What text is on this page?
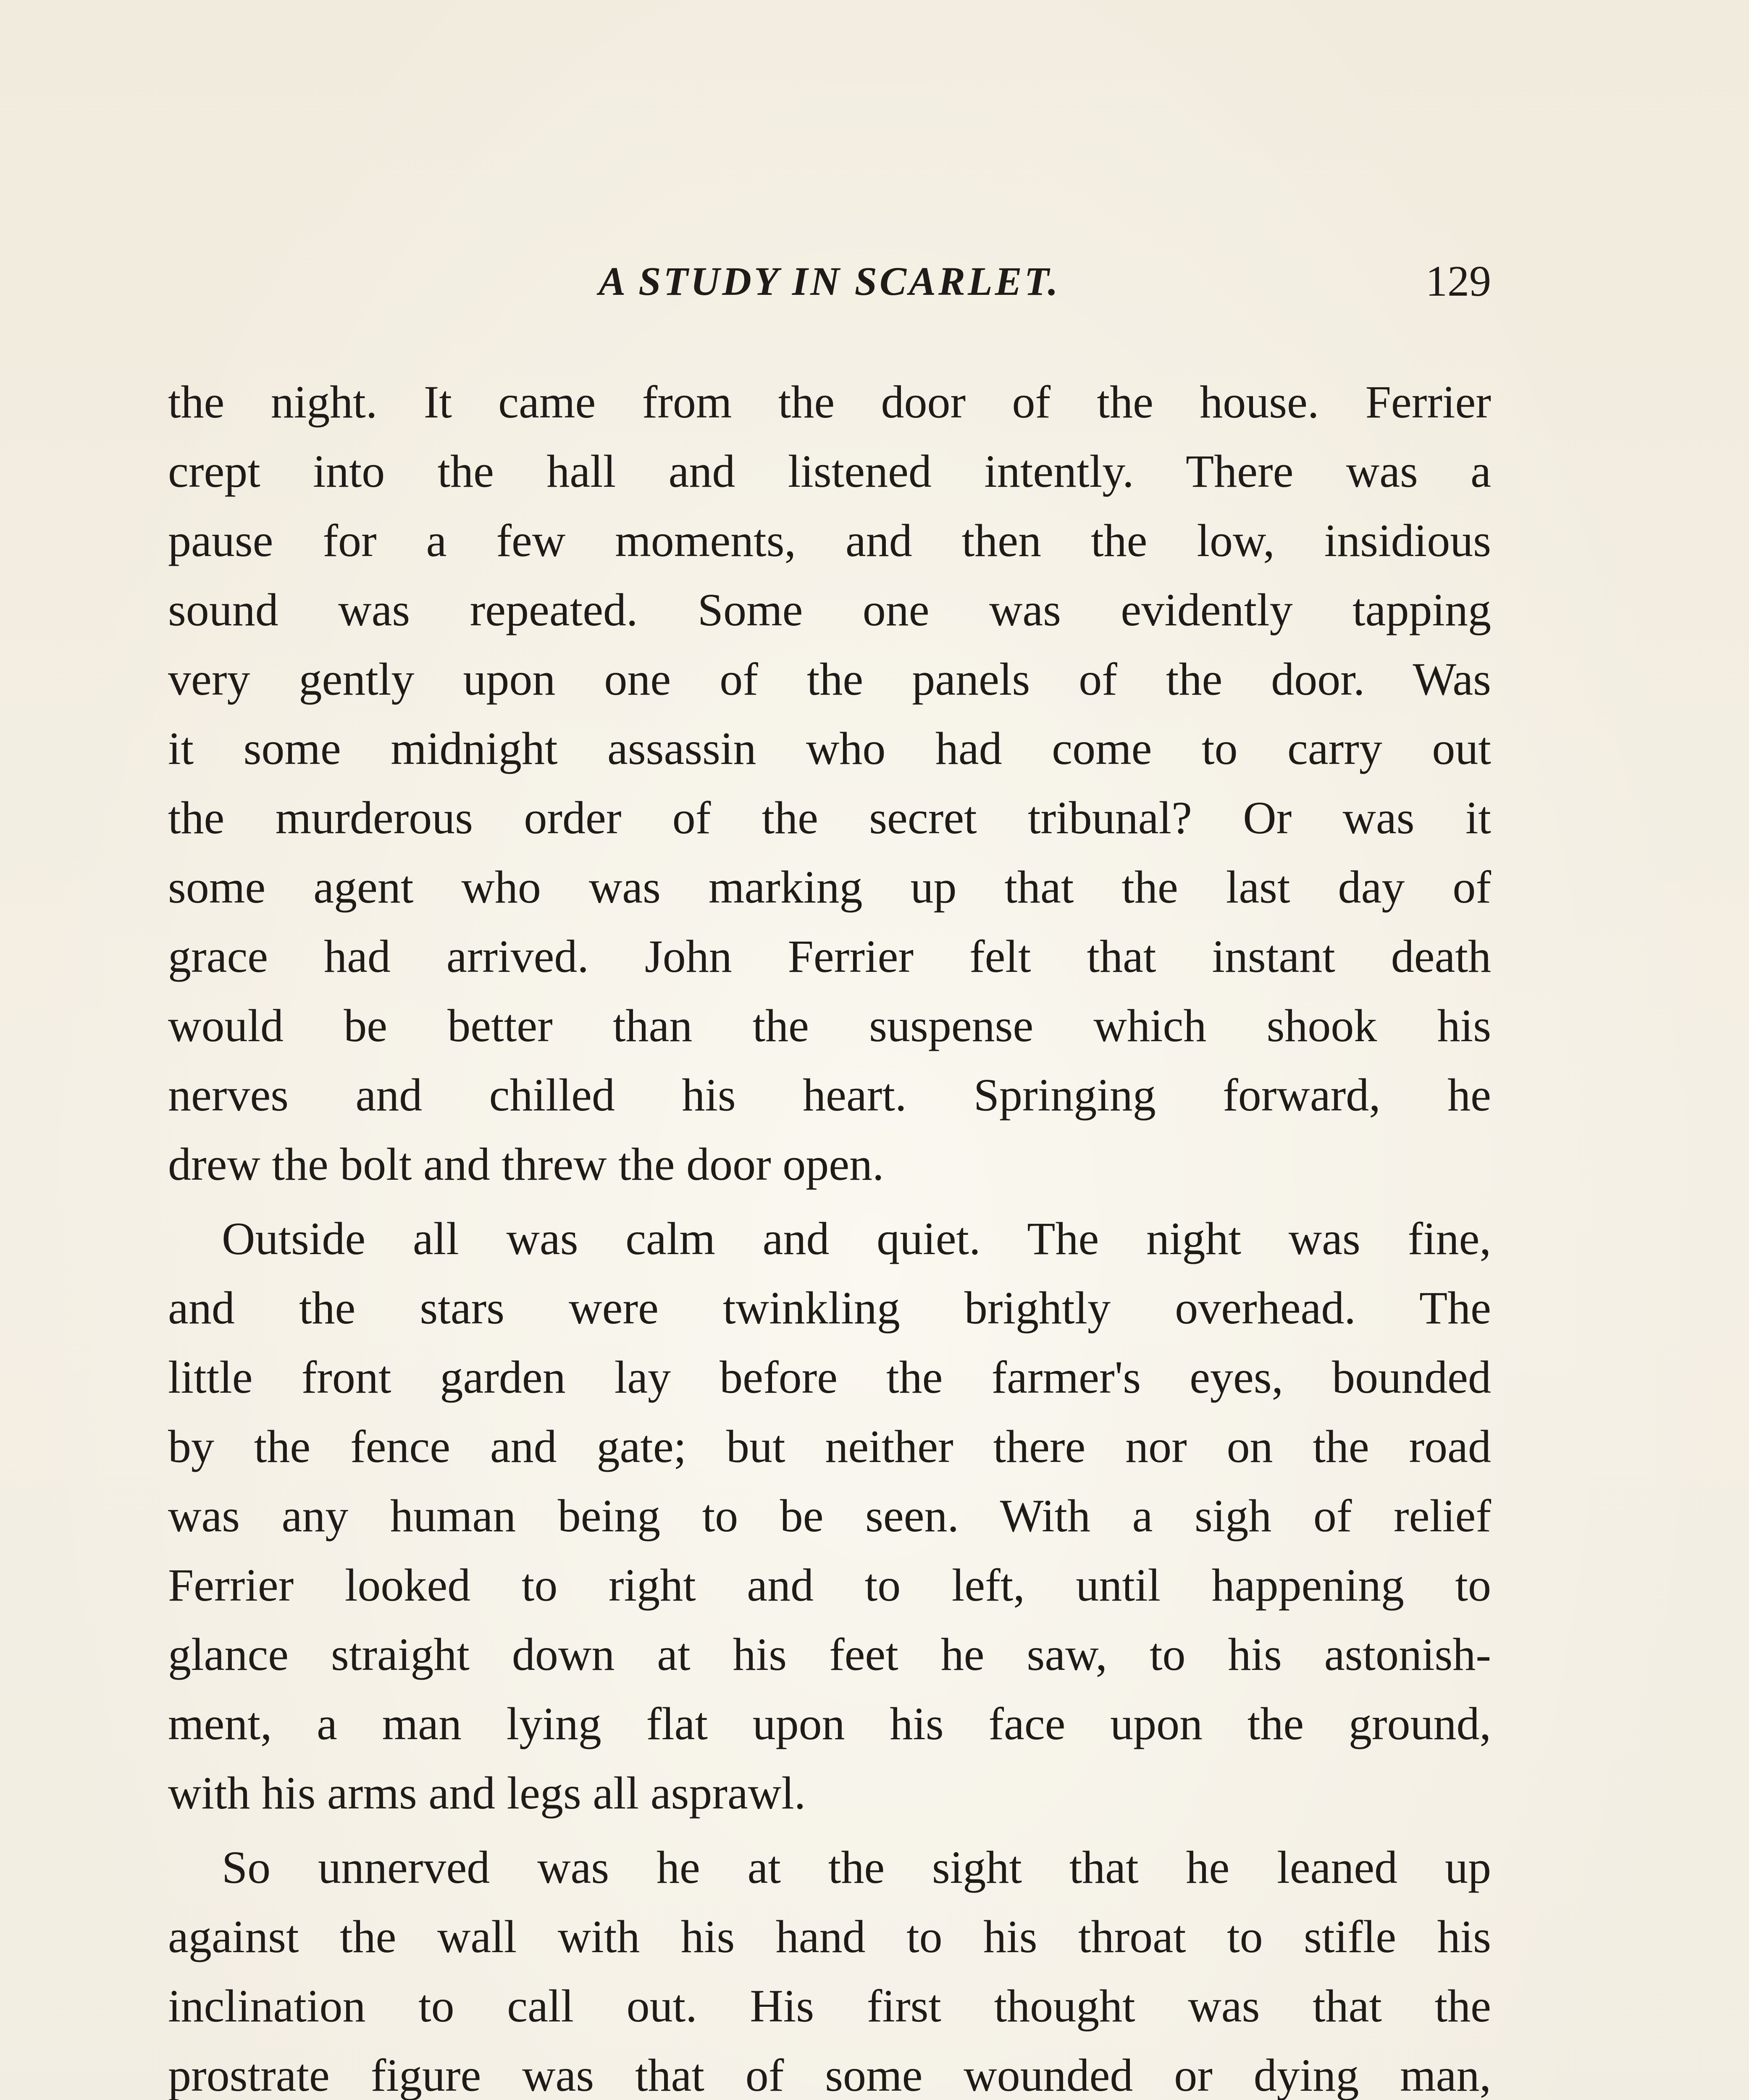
A STUDY IN SCARLET.	129
the night. It came from the door of the house. Ferrier
crept into the hall and listened intently. There was a
pause for a few moments, and then the low, insidious
sound was repeated. Some one was evidently tapping
very gently upon one of the panels of the door. Was
it some midnight assassin who had come to carry out
the murderous order of the secret tribunal? Or was it
some agent who was marking up that the last day of
grace had arrived. John Ferrier felt that instant death
would be better than the suspense which shook his
nerves and chilled his heart. Springing forward, he
drew the bolt and threw the door open.
Outside all was calm and quiet. The night was fine,
and the stars were twinkling brightly overhead. The
little front garden lay before the farmer's eyes, bounded
by the fence and gate; but neither there nor on the road
was any human being to be seen. With a sigh of relief
Ferrier looked to right and to left, until happening to
glance straight down at his feet he saw, to his astonish-
ment, a man lying flat upon his face upon the ground,
with his arms and legs all asprawl.
So unnerved was he at the sight that he leaned up
against the wall with his hand to his throat to stifle his
inclination to call out. His first thought was that the
prostrate figure was that of some wounded or dying man,
